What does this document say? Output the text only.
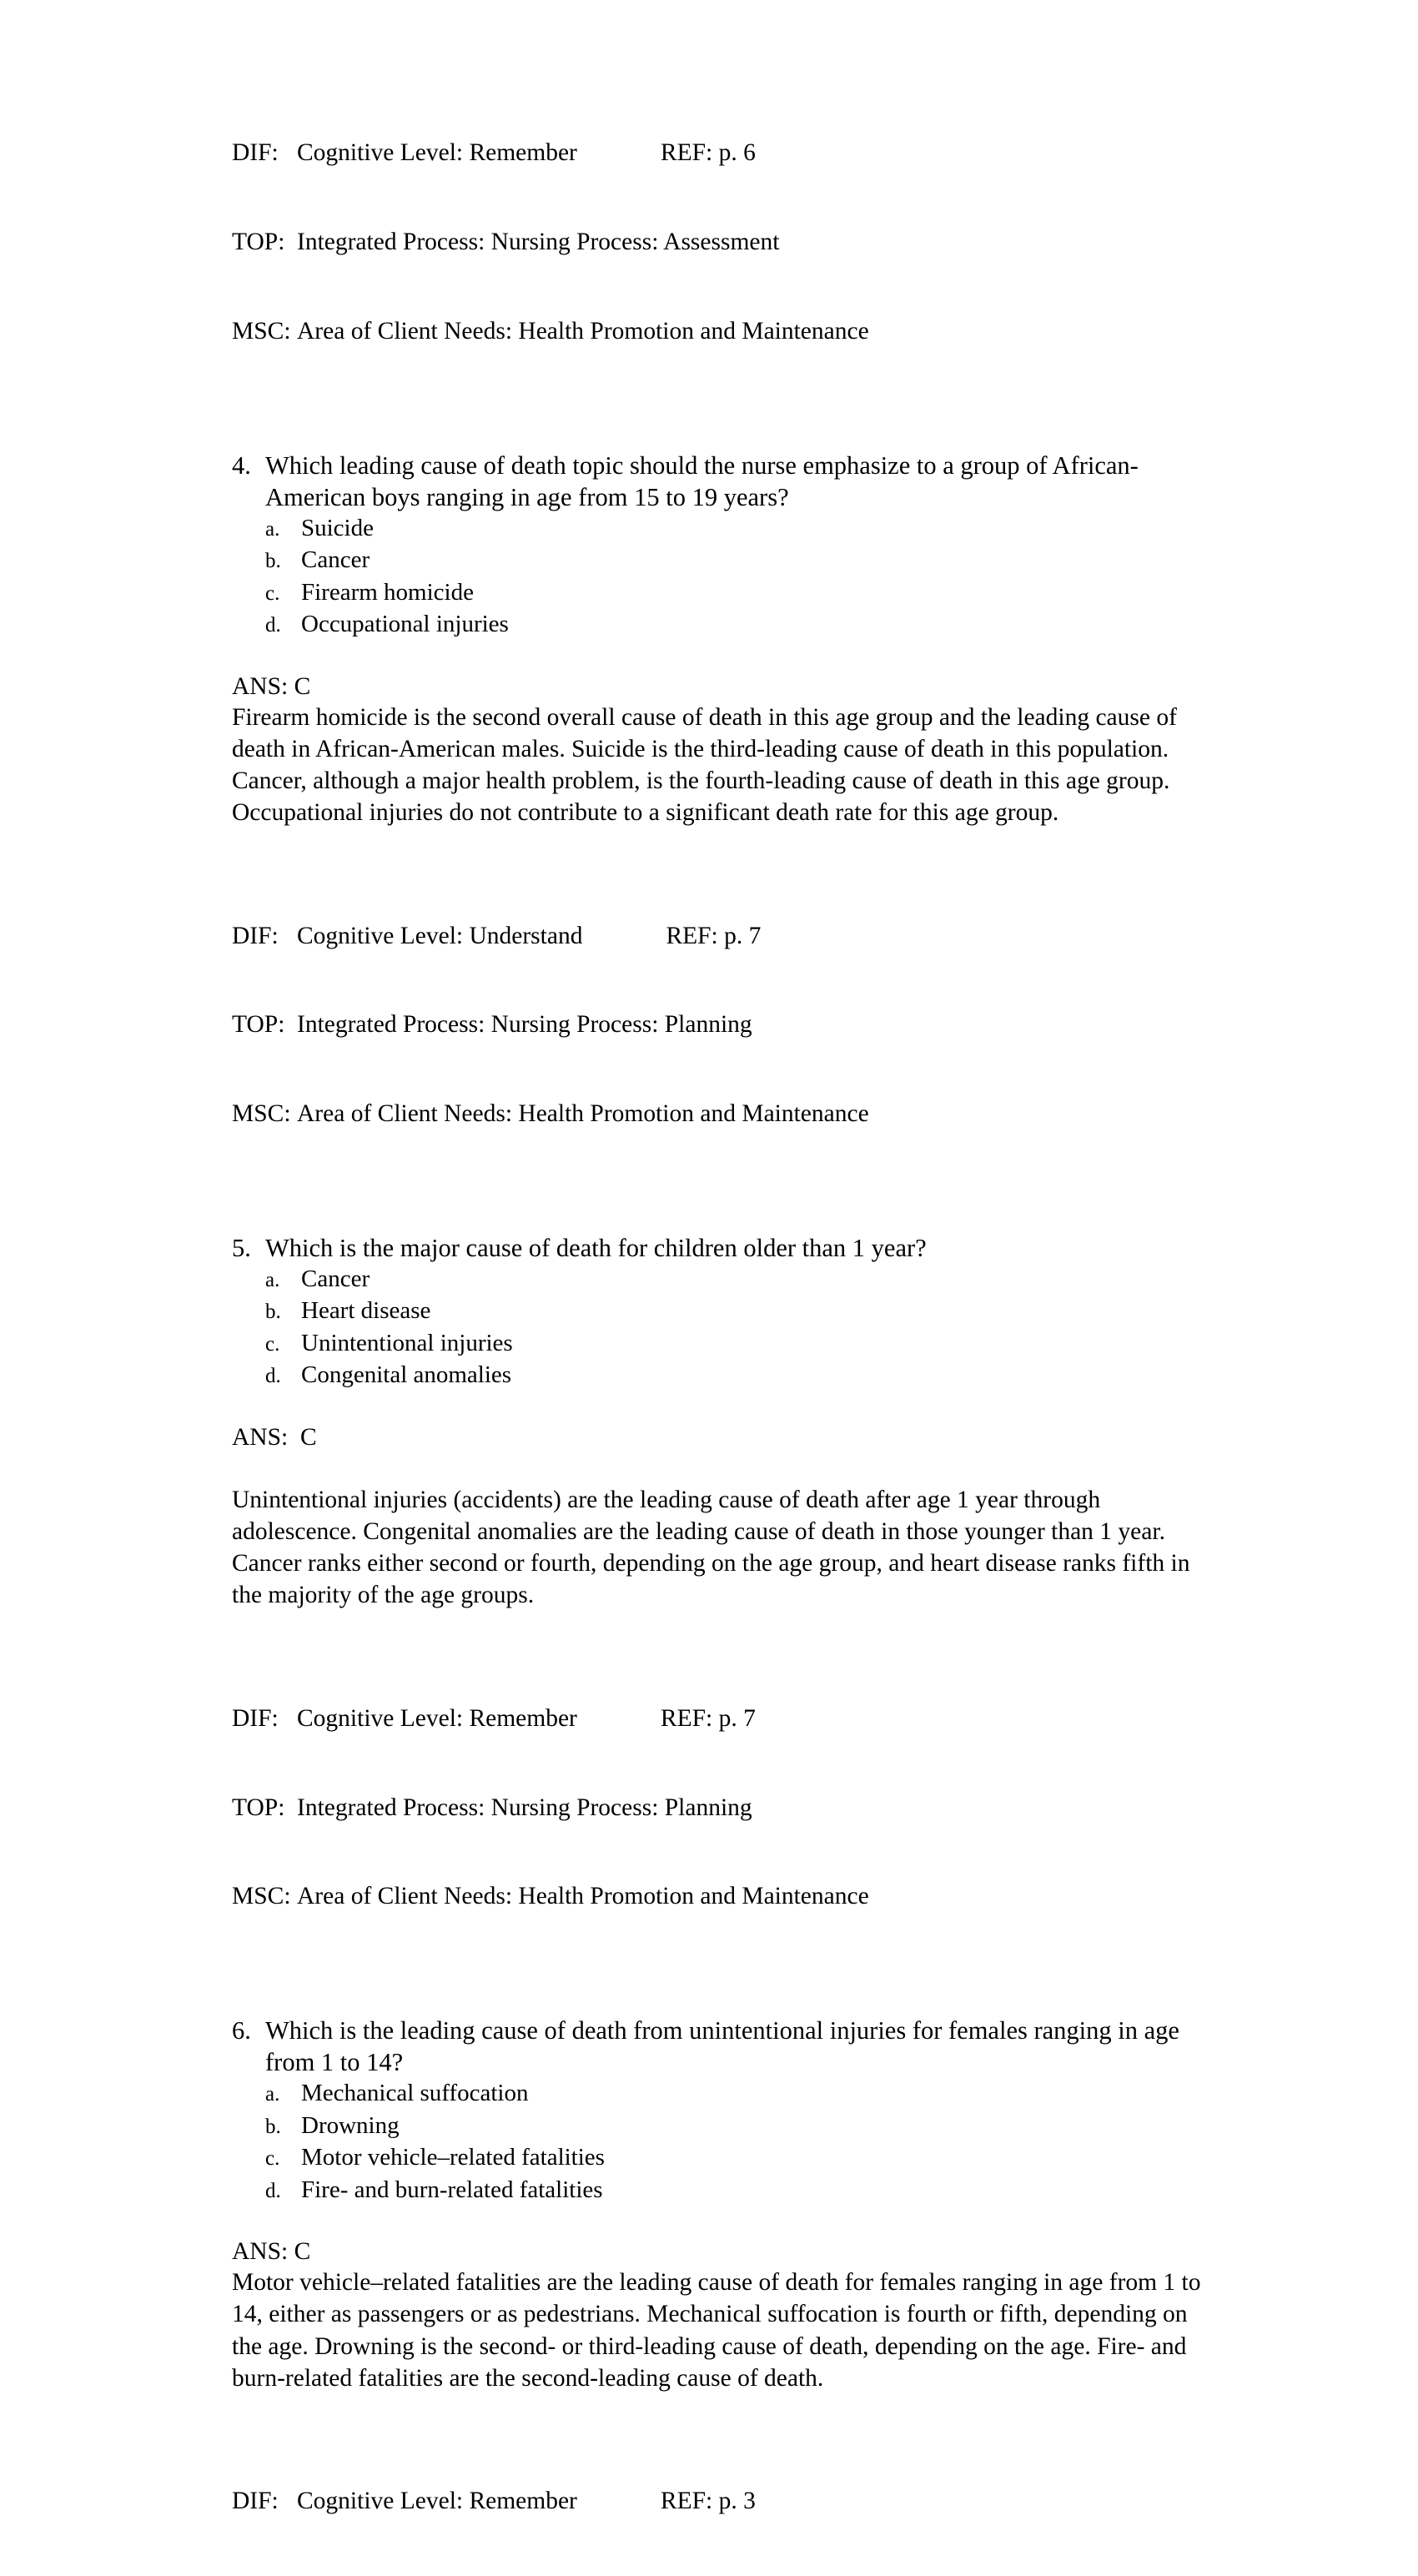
DIF: Cognitive Level: Remember	REF: p. 6

TOP: Integrated Process: Nursing Process: Assessment

MSC: Area of Client Needs: Health Promotion and Maintenance

4. Which leading cause of death topic should the nurse emphasize to a group of African-American boys ranging in age from 15 to 19 years?
a. Suicide
b. Cancer
c. Firearm homicide
d. Occupational injuries

ANS: C

Firearm homicide is the second overall cause of death in this age group and the leading cause of death in African-American males. Suicide is the third-leading cause of death in this population. Cancer, although a major health problem, is the fourth-leading cause of death in this age group. Occupational injuries do not contribute to a significant death rate for this age group.

DIF: Cognitive Level: Understand	REF: p. 7

TOP: Integrated Process: Nursing Process: Planning

MSC: Area of Client Needs: Health Promotion and Maintenance

5. Which is the major cause of death for children older than 1 year?
a. Cancer
b. Heart disease
c. Unintentional injuries
d. Congenital anomalies

ANS:  C

Unintentional injuries (accidents) are the leading cause of death after age 1 year through adolescence. Congenital anomalies are the leading cause of death in those younger than 1 year. Cancer ranks either second or fourth, depending on the age group, and heart disease ranks fifth in the majority of the age groups.

DIF: Cognitive Level: Remember	REF: p. 7

TOP: Integrated Process: Nursing Process: Planning

MSC: Area of Client Needs: Health Promotion and Maintenance

6. Which is the leading cause of death from unintentional injuries for females ranging in age from 1 to 14?
a. Mechanical suffocation
b. Drowning
c. Motor vehicle–related fatalities
d. Fire- and burn-related fatalities

ANS: C

Motor vehicle–related fatalities are the leading cause of death for females ranging in age from 1 to 14, either as passengers or as pedestrians. Mechanical suffocation is fourth or fifth, depending on the age. Drowning is the second- or third-leading cause of death, depending on the age. Fire- and burn-related fatalities are the second-leading cause of death.

DIF: Cognitive Level: Remember	REF: p. 3
